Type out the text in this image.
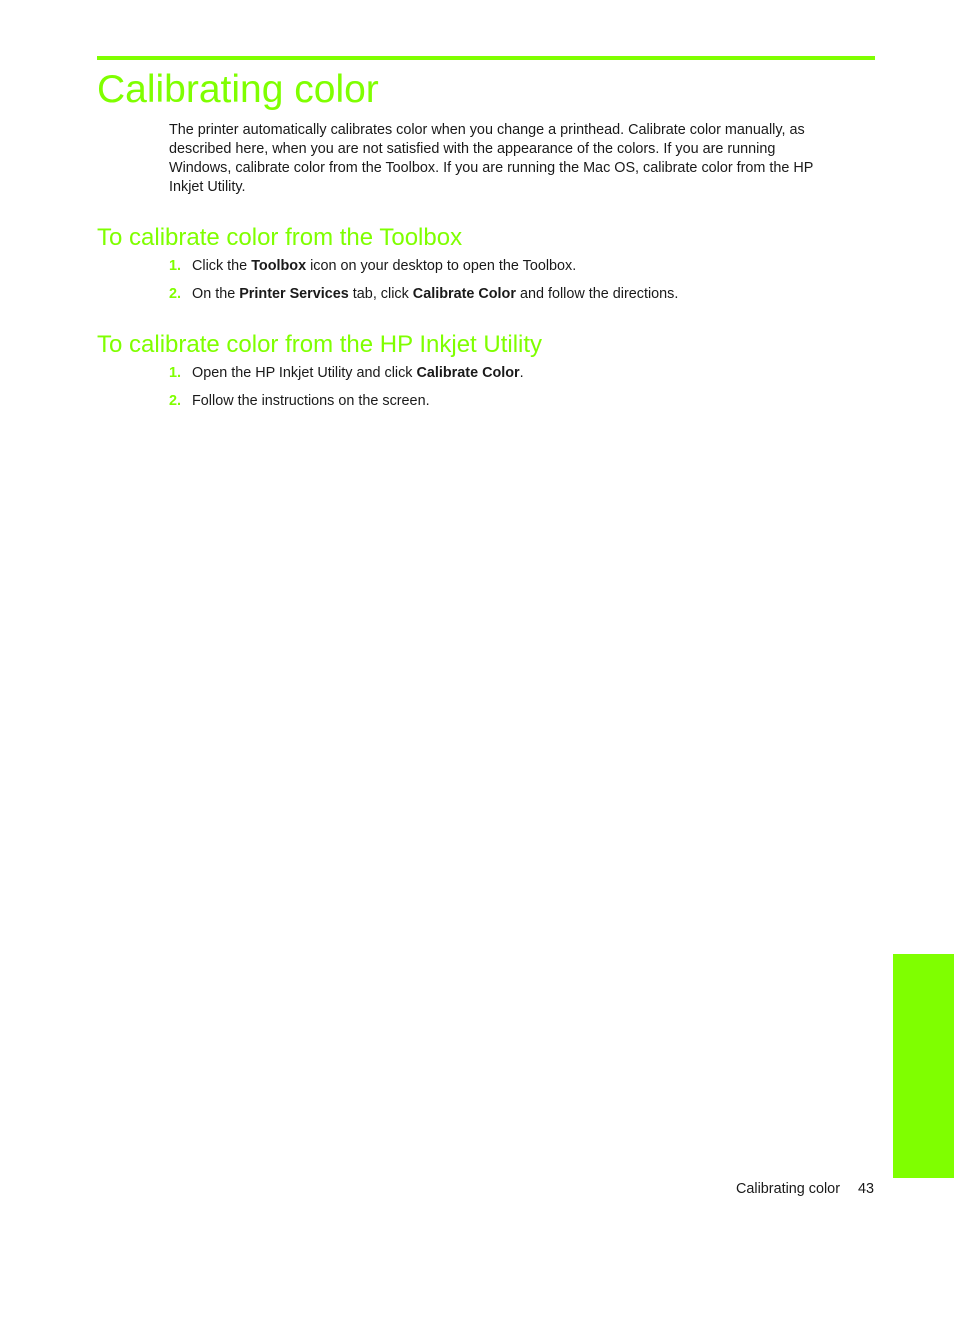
Calibrating color

The printer automatically calibrates color when you change a printhead. Calibrate color manually, as described here, when you are not satisfied with the appearance of the colors. If you are running Windows, calibrate color from the Toolbox. If you are running the Mac OS, calibrate color from the HP Inkjet Utility.

To calibrate color from the Toolbox
1. Click the Toolbox icon on your desktop to open the Toolbox.
2. On the Printer Services tab, click Calibrate Color and follow the directions.
To calibrate color from the HP Inkjet Utility
1. Open the HP Inkjet Utility and click Calibrate Color.
2. Follow the instructions on the screen.
Maintaining and troubleshooting
Calibrating color 43
